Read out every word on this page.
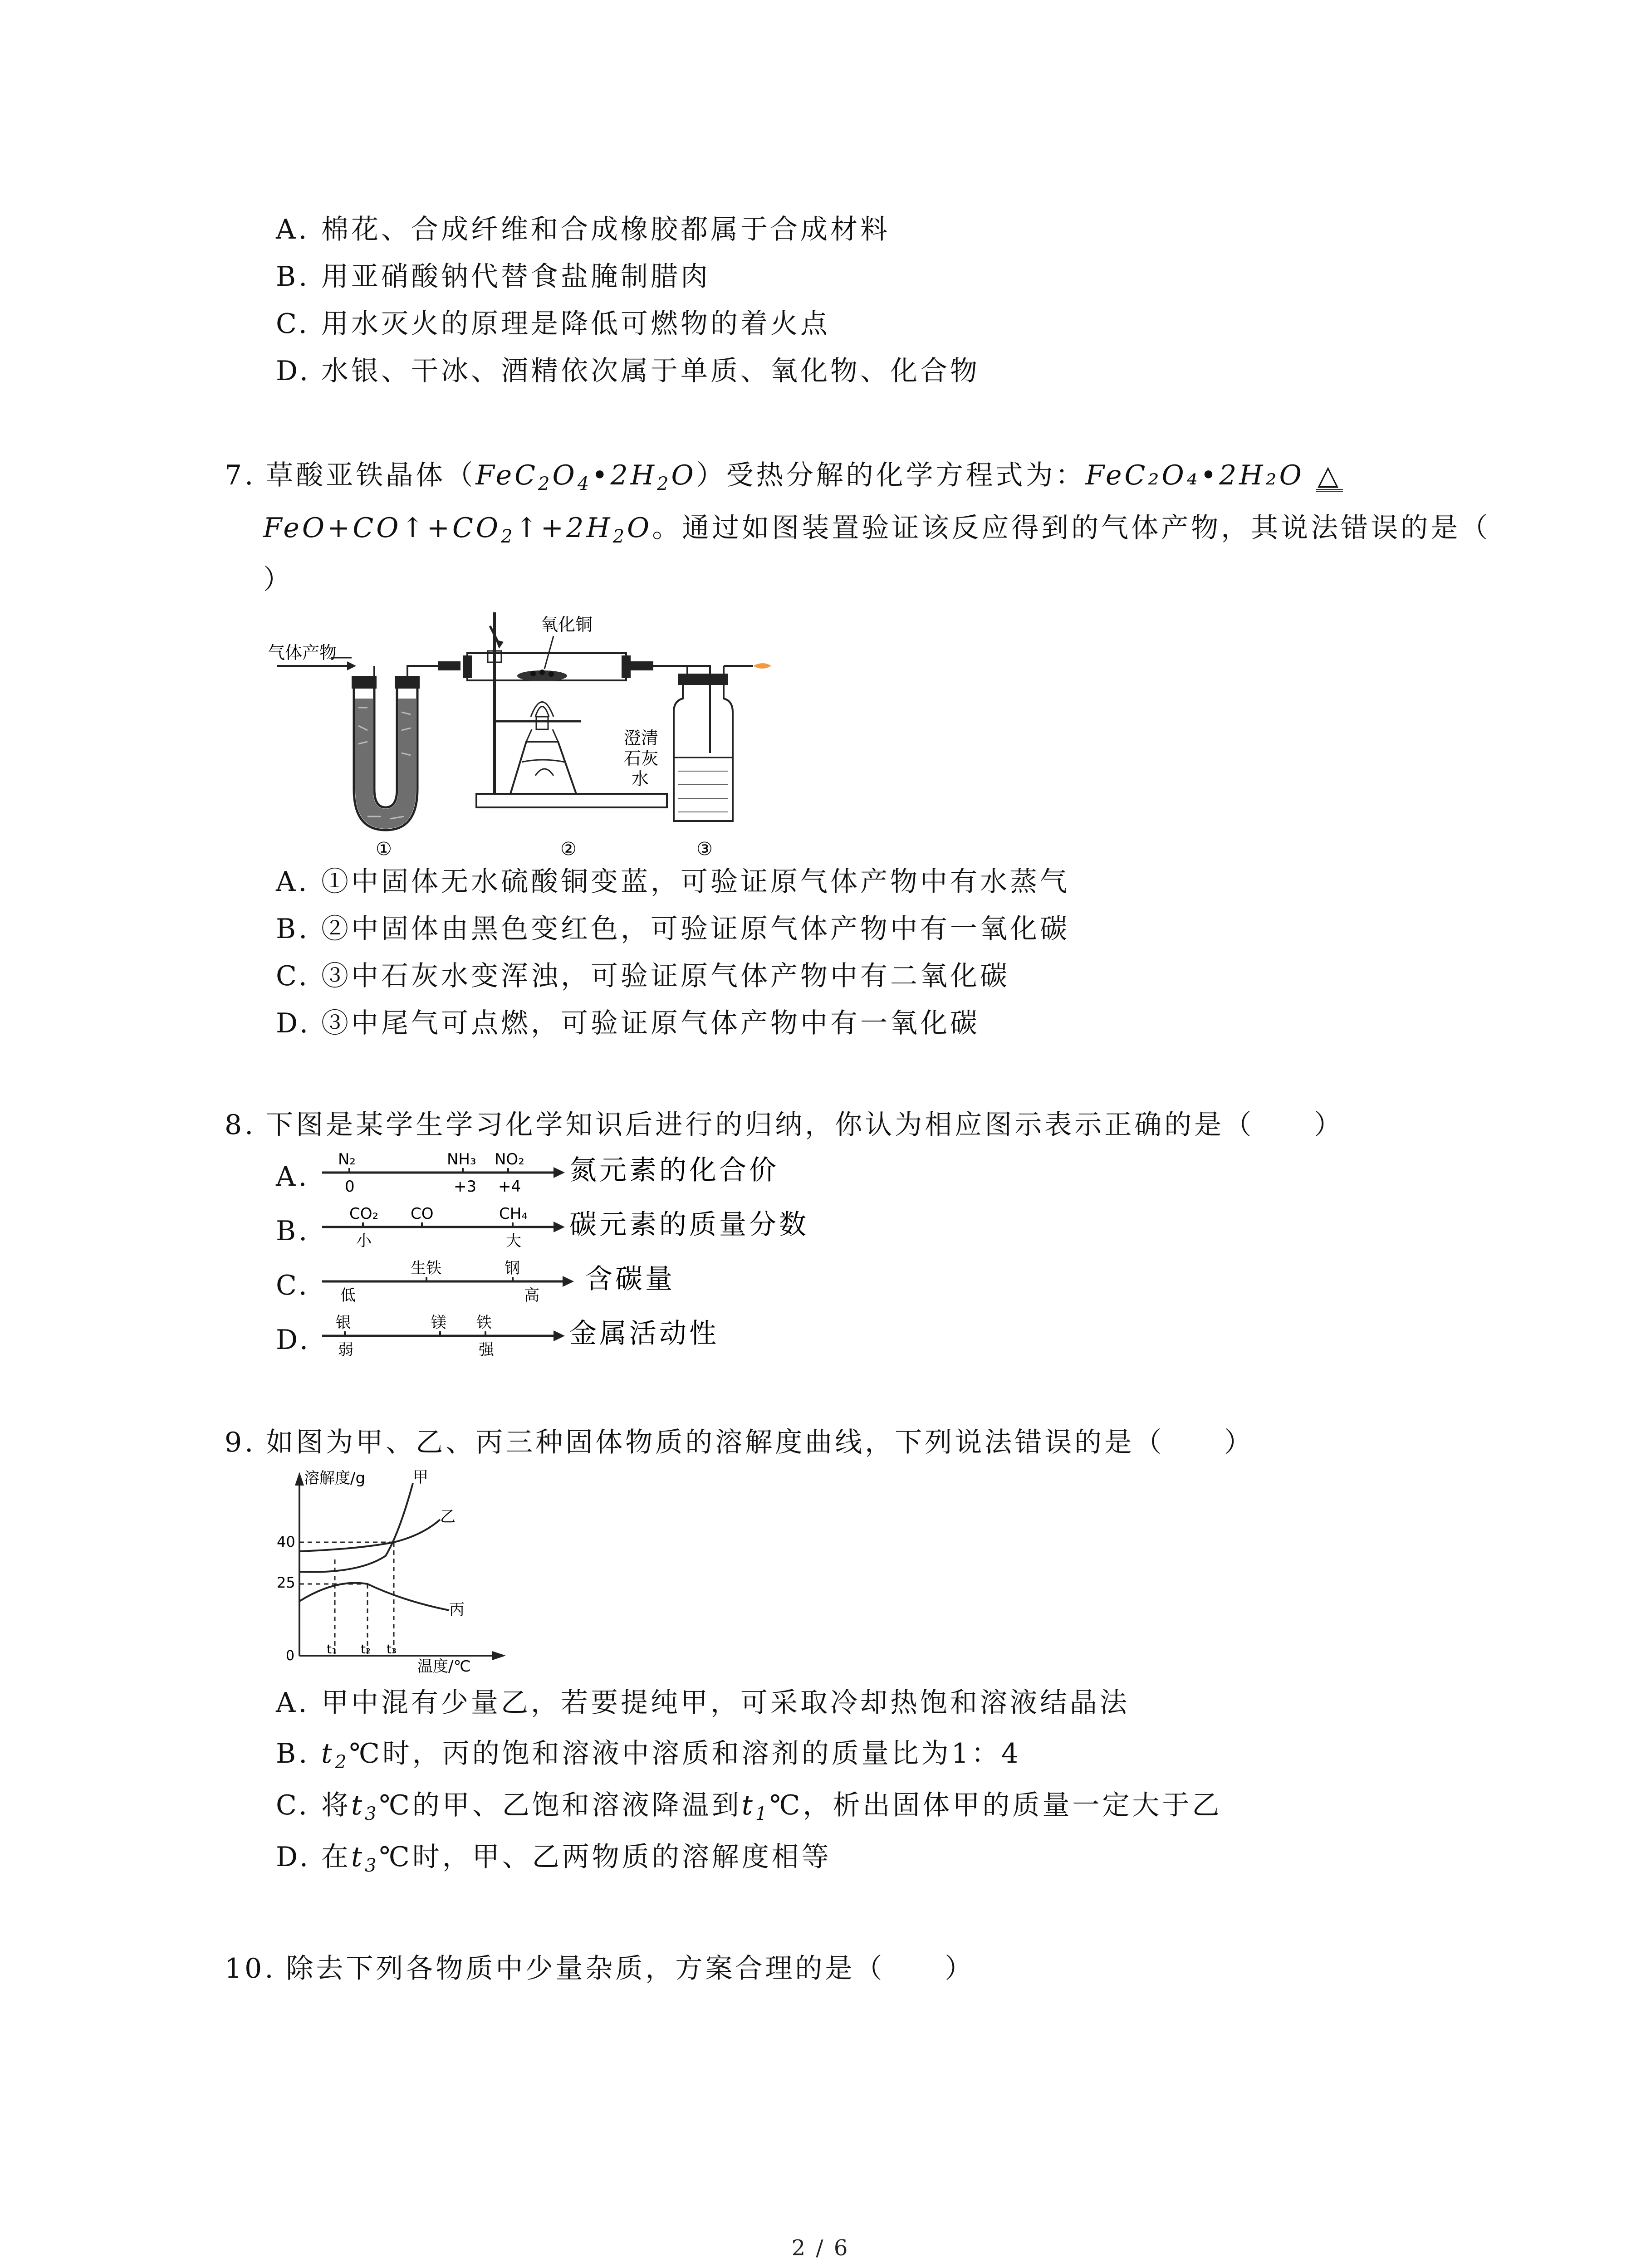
A. 棉花、合成纤维和合成橡胶都属于合成材料
B. 用亚硝酸钠代替食盐腌制腊肉
C. 用水灭火的原理是降低可燃物的着火点
D. 水银、干冰、酒精依次属于单质、氧化物、化合物
7. 草酸亚铁晶体$(FeC_2O_4•2H_2O)$受热分解的化学方程式为：FeC₂O₄•2H₂O △
$FeO+CO↑+CO_2↑+2H_2O$。通过如图装置验证该反应得到的气体产物，其说法错误的是（
）
气体产物
氧化铜
澄清
石灰
水
①	②	③
A. ①中固体无水硫酸铜变蓝，可验证原气体产物中有水蒸气
B. ②中固体由黑色变红色，可验证原气体产物中有一氧化碳
C. ③中石灰水变浑浊，可验证原气体产物中有二氧化碳
D. ③中尾气可点燃，可验证原气体产物中有一氧化碳
8. 下图是某学生学习化学知识后进行的归纳，你认为相应图示表示正确的是（　　）
A.
N₂	NH₃ NO₂
0	+3 +4
氮元素的化合价
B.
CO₂ CO	CH₄
小	大
碳元素的质量分数
C.
生铁	钢
低	高
含碳量
D.
银	镁 铁
弱	强
金属活动性
9. 如图为甲、乙、丙三种固体物质的溶解度曲线，下列说法错误的是（　　）
溶解度/g
温度/℃
0
40
25
t₁ t₂ t₃
甲
乙
丙
A. 甲中混有少量乙，若要提纯甲，可采取冷却热饱和溶液结晶法
B. $t_2℃$时，丙的饱和溶液中溶质和溶剂的质量比为1：4
C. 将$t_3℃$的甲、乙饱和溶液降温到$t_1℃$，析出固体甲的质量一定大于乙
D. 在$t_3℃$时，甲、乙两物质的溶解度相等
10. 除去下列各物质中少量杂质，方案合理的是（　　）
2 / 6
